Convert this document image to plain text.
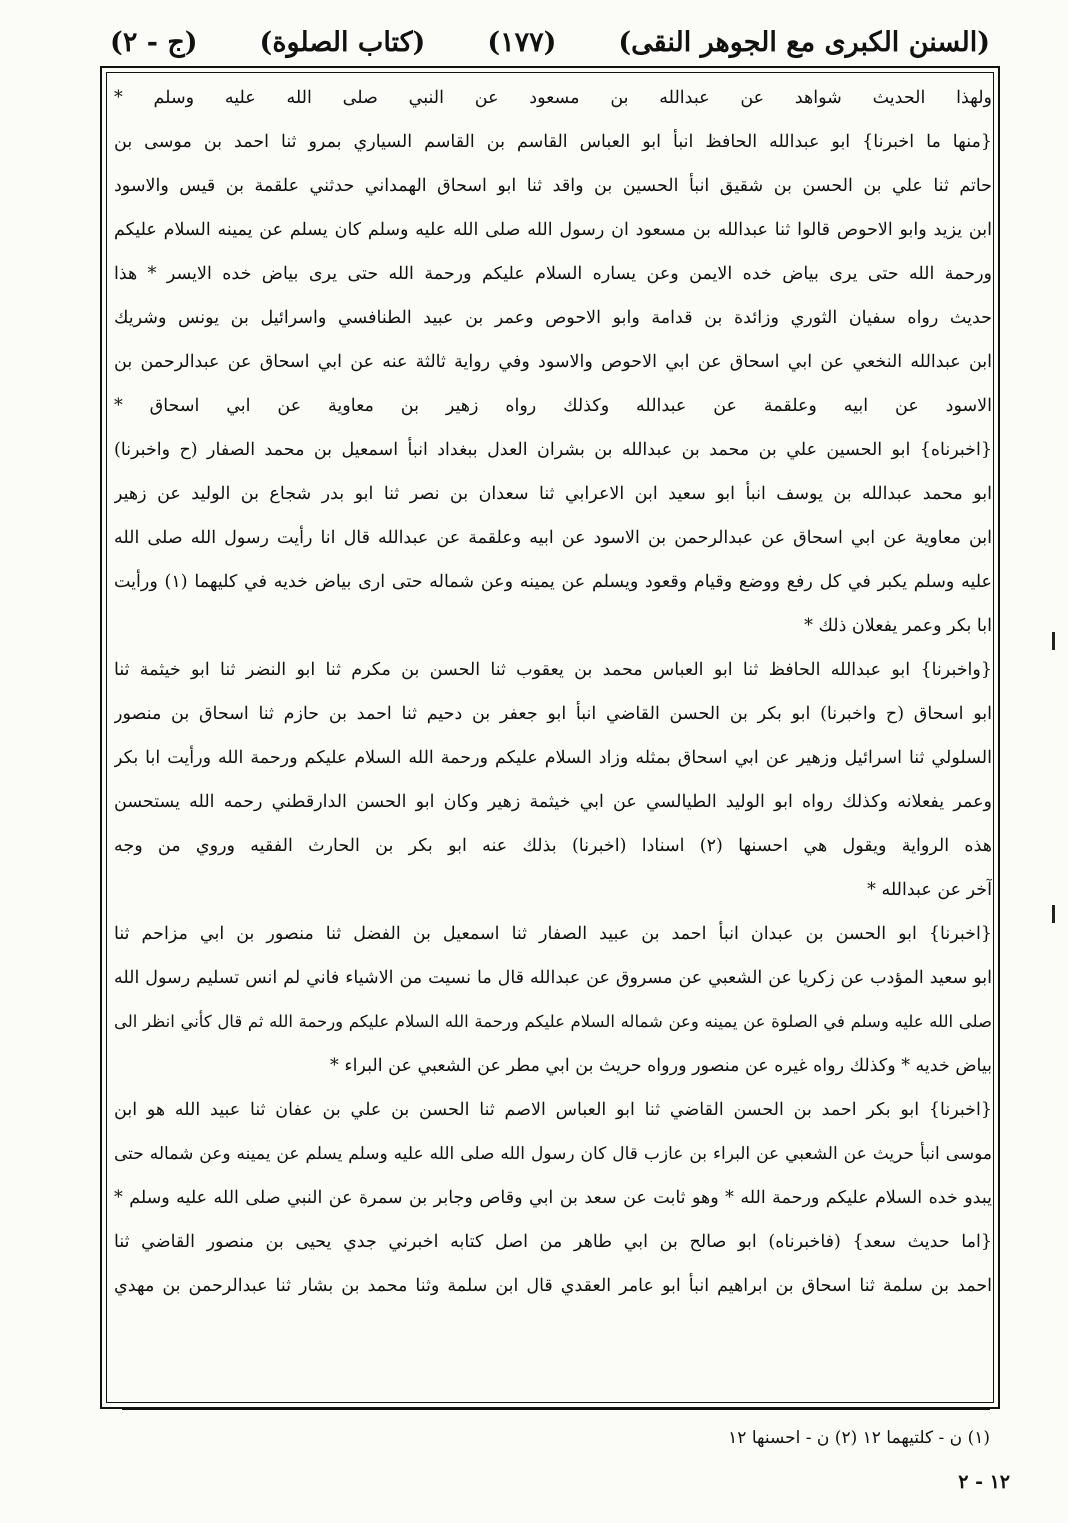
(السنن الكبرى مع الجوهر النقى)
(١٧٧)
(كتاب الصلوة)
(ج - ٢)
ولهذا الحديث شواهد عن عبدالله بن مسعود عن النبي صلى الله عليه وسلم *
{منها ما اخبرنا} ابو عبدالله الحافظ انبأ ابو العباس القاسم بن القاسم السياري بمرو ثنا احمد بن موسى بن
حاتم ثنا علي بن الحسن بن شقيق انبأ الحسين بن واقد ثنا ابو اسحاق الهمداني حدثني علقمة بن قيس والاسود
ابن يزيد وابو الاحوص قالوا ثنا عبدالله بن مسعود ان رسول الله صلى الله عليه وسلم كان يسلم عن يمينه السلام عليكم
ورحمة الله حتى يرى بياض خده الايمن وعن يساره السلام عليكم ورحمة الله حتى يرى بياض خده الايسر * هذا
حديث رواه سفيان الثوري وزائدة بن قدامة وابو الاحوص وعمر بن عبيد الطنافسي واسرائيل بن يونس وشريك
ابن عبدالله النخعي عن ابي اسحاق عن ابي الاحوص والاسود وفي رواية ثالثة عنه عن ابي اسحاق عن عبدالرحمن بن
الاسود عن ابيه وعلقمة عن عبدالله وكذلك رواه زهير بن معاوية عن ابي اسحاق *
{اخبرناه} ابو الحسين علي بن محمد بن عبدالله بن بشران العدل ببغداد انبأ اسمعيل بن محمد الصفار (ح واخبرنا)
ابو محمد عبدالله بن يوسف انبأ ابو سعيد ابن الاعرابي ثنا سعدان بن نصر ثنا ابو بدر شجاع بن الوليد عن زهير
ابن معاوية عن ابي اسحاق عن عبدالرحمن بن الاسود عن ابيه وعلقمة عن عبدالله قال انا رأيت رسول الله صلى الله
عليه وسلم يكبر في كل رفع ووضع وقيام وقعود ويسلم عن يمينه وعن شماله حتى ارى بياض خديه في كليهما (١) ورأيت
ابا بكر وعمر يفعلان ذلك *
{واخبرنا} ابو عبدالله الحافظ ثنا ابو العباس محمد بن يعقوب ثنا الحسن بن مكرم ثنا ابو النضر ثنا ابو خيثمة ثنا
ابو اسحاق (ح واخبرنا) ابو بكر بن الحسن القاضي انبأ ابو جعفر بن دحيم ثنا احمد بن حازم ثنا اسحاق بن منصور
السلولي ثنا اسرائيل وزهير عن ابي اسحاق بمثله وزاد السلام عليكم ورحمة الله السلام عليكم ورحمة الله ورأيت ابا بكر
وعمر يفعلانه وكذلك رواه ابو الوليد الطيالسي عن ابي خيثمة زهير وكان ابو الحسن الدارقطني رحمه الله يستحسن
هذه الرواية ويقول هي احسنها (٢) اسنادا (اخبرنا) بذلك عنه ابو بكر بن الحارث الفقيه وروي من وجه
آخر عن عبدالله *
{اخبرنا} ابو الحسن بن عبدان انبأ احمد بن عبيد الصفار ثنا اسمعيل بن الفضل ثنا منصور بن ابي مزاحم ثنا
ابو سعيد المؤدب عن زكريا عن الشعبي عن مسروق عن عبدالله قال ما نسيت من الاشياء فاني لم انس تسليم رسول الله
صلى الله عليه وسلم في الصلوة عن يمينه وعن شماله السلام عليكم ورحمة الله السلام عليكم ورحمة الله ثم قال كأني انظر الى
بياض خديه * وكذلك رواه غيره عن منصور ورواه حريث بن ابي مطر عن الشعبي عن البراء *
{اخبرنا} ابو بكر احمد بن الحسن القاضي ثنا ابو العباس الاصم ثنا الحسن بن علي بن عفان ثنا عبيد الله هو ابن
موسى انبأ حريث عن الشعبي عن البراء بن عازب قال كان رسول الله صلى الله عليه وسلم يسلم عن يمينه وعن شماله حتى
يبدو خده السلام عليكم ورحمة الله * وهو ثابت عن سعد بن ابي وقاص وجابر بن سمرة عن النبي صلى الله عليه وسلم *
{اما حديث سعد} (فاخبرناه) ابو صالح بن ابي طاهر من اصل كتابه اخبرني جدي يحيى بن منصور القاضي ثنا
احمد بن سلمة ثنا اسحاق بن ابراهيم انبأ ابو عامر العقدي قال ابن سلمة وثنا محمد بن بشار ثنا عبدالرحمن بن مهدي
(١) ن - كلتيهما ١٢ (٢) ن - احسنها ١٢
١٢ - ٢
